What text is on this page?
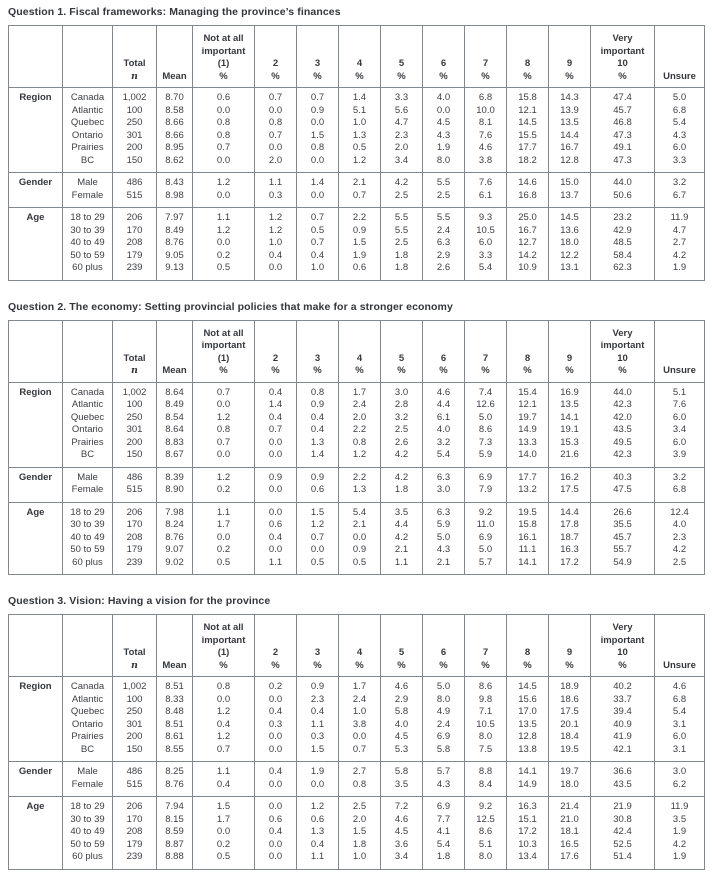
Question 1. Fiscal frameworks: Managing the province’s finances
		Total
n	Mean	Not at all
important
(1)
%	2
%	3
%	4
%	5
%	6
%	7
%	8
%	9
%	Very
important
10
%	Unsure
Region	Canada	1,002	8.70	0.6	0.7	0.7	1.4	3.3	4.0	6.8	15.8	14.3	47.4	5.0
	Atlantic	100	8.58	0.0	0.0	0.9	5.1	5.6	0.0	10.0	12.1	13.9	45.7	6.8
	Quebec	250	8.66	0.8	0.8	0.0	1.0	4.7	4.5	8.1	14.5	13.5	46.8	5.4
	Ontario	301	8.66	0.8	0.7	1.5	1.3	2.3	4.3	7.6	15.5	14.4	47.3	4.3
	Prairies	200	8.95	0.7	0.0	0.8	0.5	2.0	1.9	4.6	17.7	16.7	49.1	6.0
	BC	150	8.62	0.0	2.0	0.0	1.2	3.4	8.0	3.8	18.2	12.8	47.3	3.3
Gender	Male	486	8.43	1.2	1.1	1.4	2.1	4.2	5.5	7.6	14.6	15.0	44.0	3.2
	Female	515	8.98	0.0	0.3	0.0	0.7	2.5	2.5	6.1	16.8	13.7	50.6	6.7
Age	18 to 29	206	7.97	1.1	1.2	0.7	2.2	5.5	5.5	9.3	25.0	14.5	23.2	11.9
	30 to 39	170	8.49	1.2	1.2	0.5	0.9	5.5	2.4	10.5	16.7	13.6	42.9	4.7
	40 to 49	208	8.76	0.0	1.0	0.7	1.5	2.5	6.3	6.0	12.7	18.0	48.5	2.7
	50 to 59	179	9.05	0.2	0.4	0.4	1.9	1.8	2.9	3.3	14.2	12.2	58.4	4.2
	60 plus	239	9.13	0.5	0.0	1.0	0.6	1.8	2.6	5.4	10.9	13.1	62.3	1.9
Question 2. The economy: Setting provincial policies that make for a stronger economy
		Total
n	Mean	Not at all
important
(1)
%	2
%	3
%	4
%	5
%	6
%	7
%	8
%	9
%	Very
important
10
%	Unsure
Region	Canada	1,002	8.64	0.7	0.4	0.8	1.7	3.0	4.6	7.4	15.4	16.9	44.0	5.1
	Atlantic	100	8.49	0.0	1.4	0.9	2.4	2.8	4.4	12.6	12.1	13.5	42.3	7.6
	Quebec	250	8.54	1.2	0.4	0.4	2.0	3.2	6.1	5.0	19.7	14.1	42.0	6.0
	Ontario	301	8.64	0.8	0.7	0.4	2.2	2.5	4.0	8.6	14.9	19.1	43.5	3.4
	Prairies	200	8.83	0.7	0.0	1.3	0.8	2.6	3.2	7.3	13.3	15.3	49.5	6.0
	BC	150	8.67	0.0	0.0	1.4	1.2	4.2	5.4	5.9	14.0	21.6	42.3	3.9
Gender	Male	486	8.39	1.2	0.9	0.9	2.2	4.2	6.3	6.9	17.7	16.2	40.3	3.2
	Female	515	8.90	0.2	0.0	0.6	1.3	1.8	3.0	7.9	13.2	17.5	47.5	6.8
Age	18 to 29	206	7.98	1.1	0.0	1.5	5.4	3.5	6.3	9.2	19.5	14.4	26.6	12.4
	30 to 39	170	8.24	1.7	0.6	1.2	2.1	4.4	5.9	11.0	15.8	17.8	35.5	4.0
	40 to 49	208	8.76	0.0	0.4	0.7	0.0	4.2	5.0	6.9	16.1	18.7	45.7	2.3
	50 to 59	179	9.07	0.2	0.0	0.0	0.9	2.1	4.3	5.0	11.1	16.3	55.7	4.2
	60 plus	239	9.02	0.5	1.1	0.5	0.5	1.1	2.1	5.7	14.1	17.2	54.9	2.5
Question 3. Vision: Having a vision for the province
		Total
n	Mean	Not at all
important
(1)
%	2
%	3
%	4
%	5
%	6
%	7
%	8
%	9
%	Very
important
10
%	Unsure
Region	Canada	1,002	8.51	0.8	0.2	0.9	1.7	4.6	5.0	8.6	14.5	18.9	40.2	4.6
	Atlantic	100	8.33	0.0	0.0	2.3	2.4	2.9	8.0	9.8	15.6	18.6	33.7	6.8
	Quebec	250	8.48	1.2	0.4	0.4	1.0	5.8	4.9	7.1	17.0	17.5	39.4	5.4
	Ontario	301	8.51	0.4	0.3	1.1	3.8	4.0	2.4	10.5	13.5	20.1	40.9	3.1
	Prairies	200	8.61	1.2	0.0	0.3	0.0	4.5	6.9	8.0	12.8	18.4	41.9	6.0
	BC	150	8.55	0.7	0.0	1.5	0.7	5.3	5.8	7.5	13.8	19.5	42.1	3.1
Gender	Male	486	8.25	1.1	0.4	1.9	2.7	5.8	5.7	8.8	14.1	19.7	36.6	3.0
	Female	515	8.76	0.4	0.0	0.0	0.8	3.5	4.3	8.4	14.9	18.0	43.5	6.2
Age	18 to 29	206	7.94	1.5	0.0	1.2	2.5	7.2	6.9	9.2	16.3	21.4	21.9	11.9
	30 to 39	170	8.15	1.7	0.6	0.6	2.0	4.6	7.7	12.5	15.1	21.0	30.8	3.5
	40 to 49	208	8.59	0.0	0.4	1.3	1.5	4.5	4.1	8.6	17.2	18.1	42.4	1.9
	50 to 59	179	8.87	0.2	0.0	0.4	1.8	3.6	5.4	5.1	10.3	16.5	52.5	4.2
	60 plus	239	8.88	0.5	0.0	1.1	1.0	3.4	1.8	8.0	13.4	17.6	51.4	1.9
